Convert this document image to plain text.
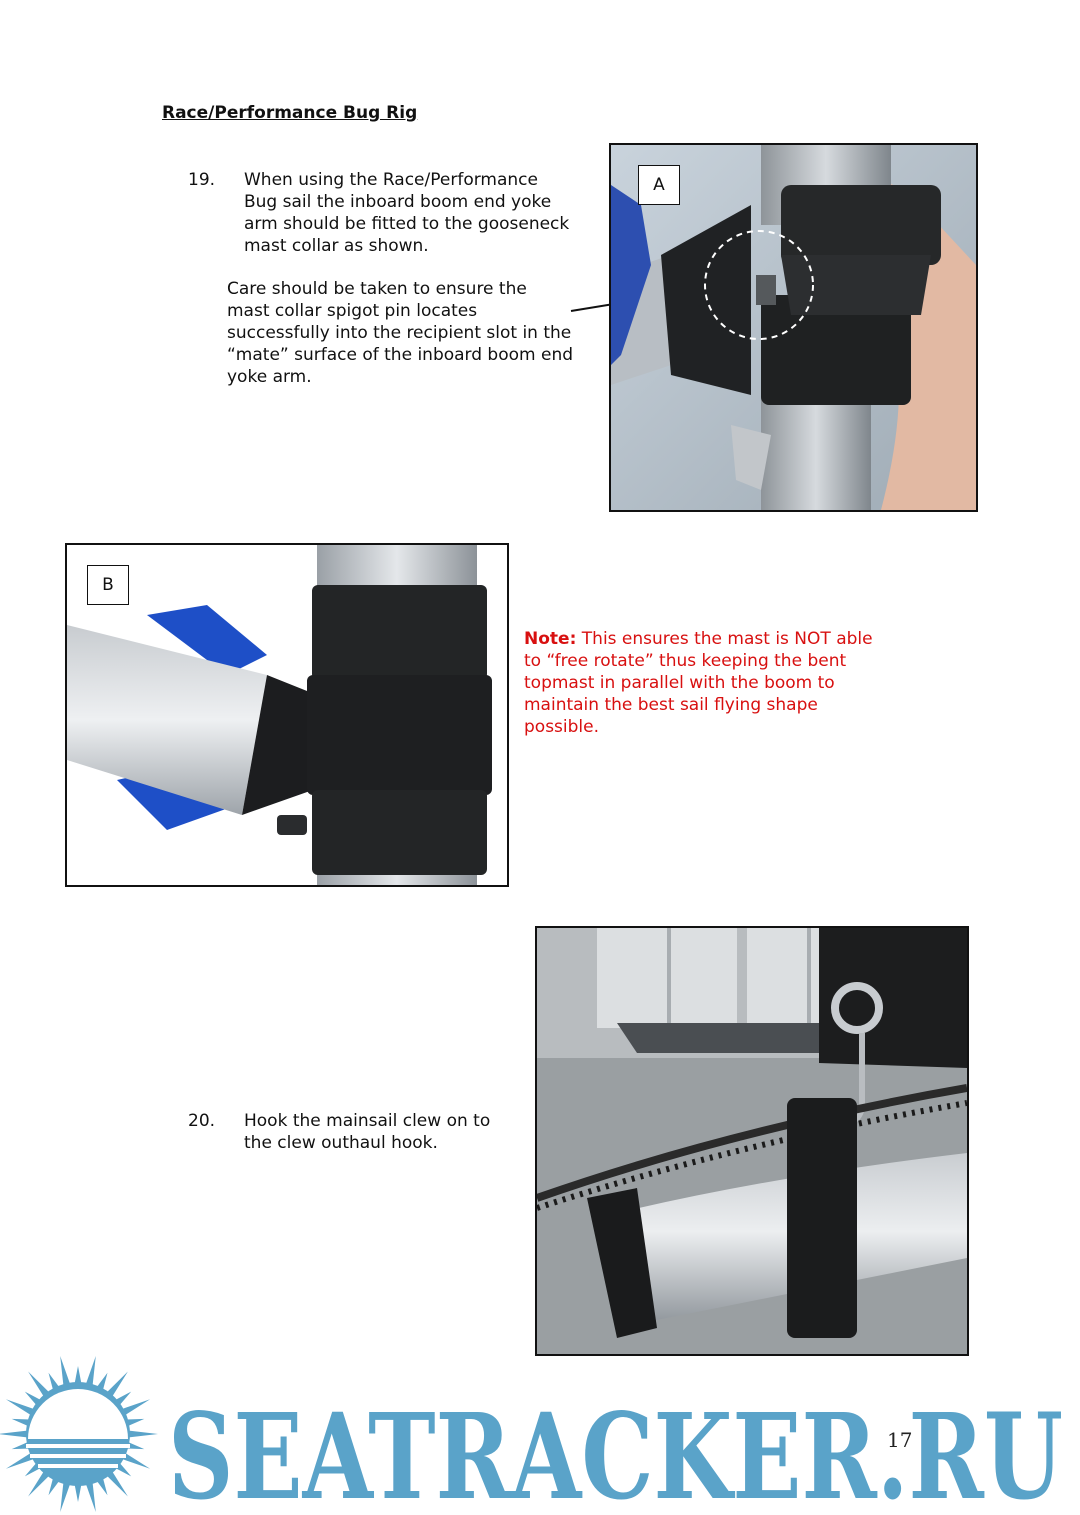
Race/Performance Bug Rig
19. When using the Race/Performance
Bug sail the inboard boom end yoke
arm should be fitted to the gooseneck
mast collar as shown.
Care should be taken to ensure the
mast collar spigot pin locates
successfully into the recipient slot in the
“mate” surface of the inboard boom end
yoke arm.
A
B
Note: This ensures the mast is NOT able
to “free rotate” thus keeping the bent
topmast in parallel with the boom to
maintain the best sail flying shape
possible.
20. Hook the mainsail clew on to
the clew outhaul hook.
SEATRACKER.RU
17
